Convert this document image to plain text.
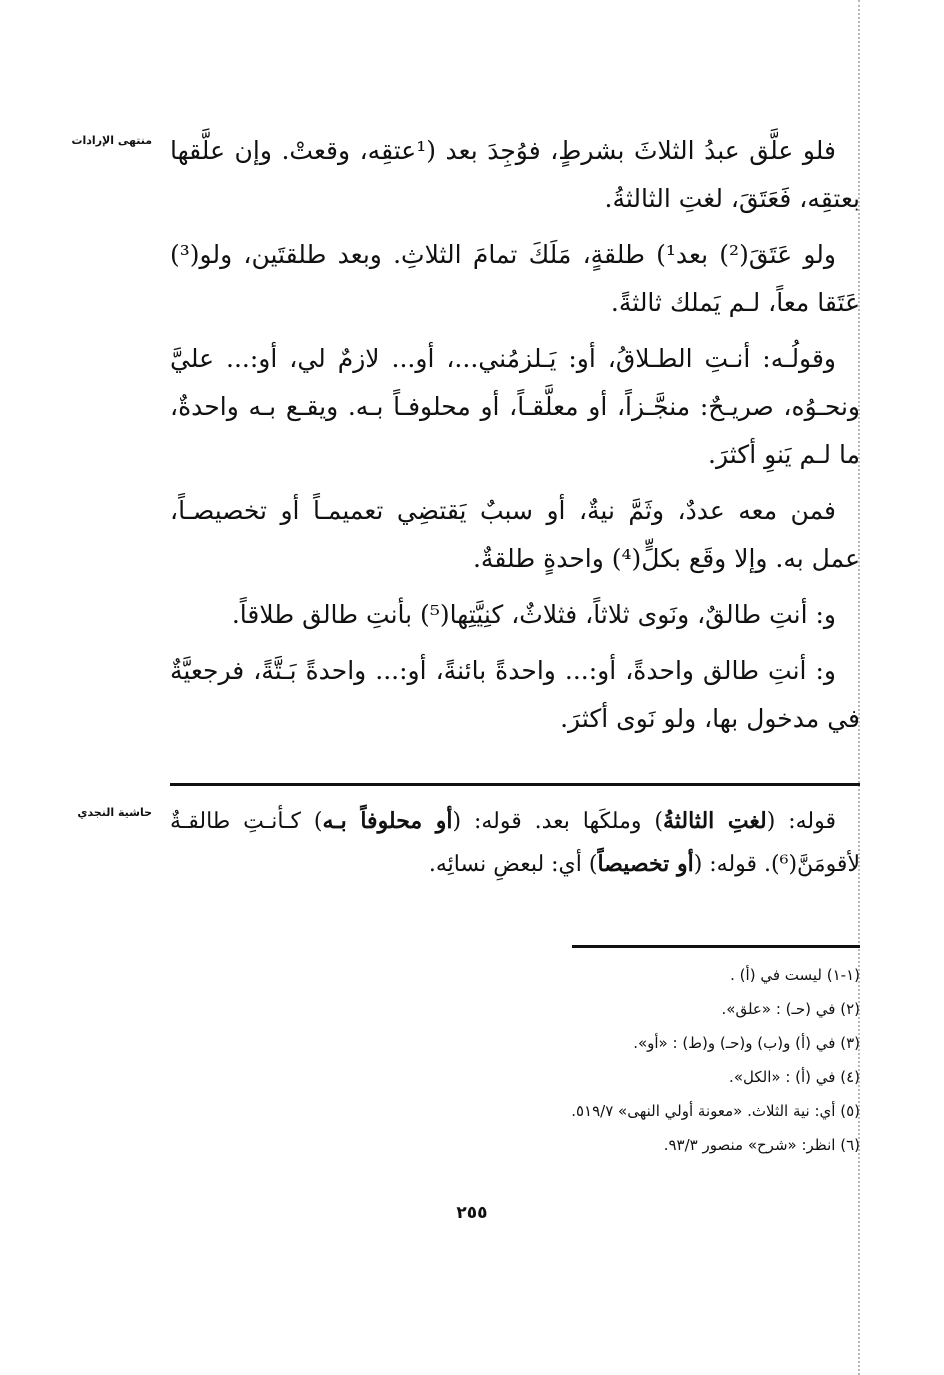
منتهى الإرادات
حاشية النجدي

فلو علَّق عبدُ الثلاثَ بشرطٍ، فوُجِدَ بعد (¹عتقِه، وقعتْ. وإن علَّقها بعتقِه، فَعَتَقَ، لغتِ الثالثةُ.

ولو عَتَقَ(²) بعد¹) طلقةٍ، مَلَكَ تمامَ الثلاثِ. وبعد طلقتَين، ولو(³) عَتَقا معاً، لـم يَملك ثالثةً.

وقولُـه: أنـتِ الطـلاقُ، أو: يَـلزمُني...، أو... لازمٌ لي، أو:... عليَّ ونحـوُه، صريـحٌ: منجَّـزاً، أو معلَّقـاً، أو محلوفـاً بـه. ويقـع بـه واحدةٌ، ما لـم يَنوِ أكثرَ.

فمن معه عددٌ، وثَمَّ نيةٌ، أو سببٌ يَقتضِي تعميمـاً أو تخصيصـاً، عمل به. وإلا وقَع بكلٍّ(⁴) واحدةٍ طلقةٌ.

و: أنتِ طالقٌ، ونَوى ثلاثاً، فثلاثٌ، كنِيَّتِها(⁵) بأنتِ طالق طلاقاً.

و: أنتِ طالق واحدةً، أو:... واحدةً بائنةً، أو:... واحدةً بَـتَّةً، فرجعيَّةٌ في مدخول بها، ولو نَوى أكثرَ.

قوله: (لغتِ الثالثةُ) وملكَها بعد. قوله: (أو محلوفاً بـه) كـأنـتِ طالقـةٌ لأقومَنَّ(⁶). قوله: (أو تخصيصاً) أي: لبعضِ نسائِه.

(١-١) ليست في (أ) .
(٢) في (حـ) : «علق».
(٣) في (أ) و(ب) و(حـ) و(ط) : «أو».
(٤) في (أ) : «الكل».
(٥) أي: نية الثلاث. «معونة أولي النهى» ٥١٩/٧.
(٦) انظر: «شرح» منصور ٩٣/٣.
٢٥٥
